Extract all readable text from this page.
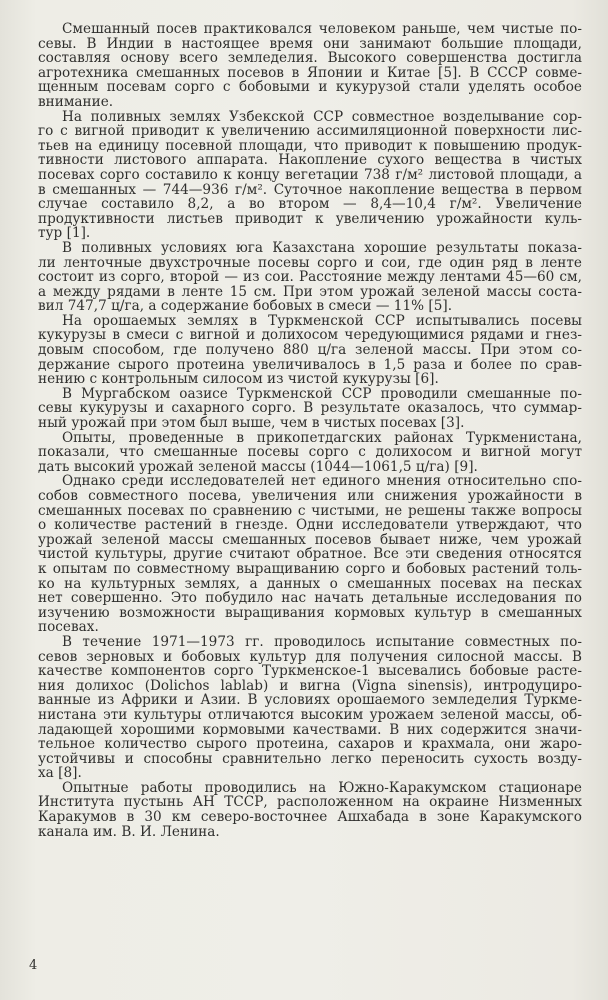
Смешанный посев практиковался человеком раньше, чем чистые по-
севы. В Индии в настоящее время они занимают большие площади,
составляя основу всего земледелия. Высокого совершенства достигла
агротехника смешанных посевов в Японии и Китае [5]. В СССР совме-
щенным посевам сорго с бобовыми и кукурузой стали уделять особое
внимание.
На поливных землях Узбекской ССР совместное возделывание сор-
го с вигной приводит к увеличению ассимиляционной поверхности лис-
тьев на единицу посевной площади, что приводит к повышению продук-
тивности листового аппарата. Накопление сухого вещества в чистых
посевах сорго составило к концу вегетации 738 г/м² листовой площади, а
в смешанных — 744—936 г/м². Суточное накопление вещества в первом
случае составило 8,2, а во втором — 8,4—10,4 г/м². Увеличение
продуктивности листьев приводит к увеличению урожайности куль-
тур [1].
В поливных условиях юга Казахстана хорошие результаты показа-
ли ленточные двухстрочные посевы сорго и сои, где один ряд в ленте
состоит из сорго, второй — из сои. Расстояние между лентами 45—60 см,
а между рядами в ленте 15 см. При этом урожай зеленой массы соста-
вил 747,7 ц/га, а содержание бобовых в смеси — 11% [5].
На орошаемых землях в Туркменской ССР испытывались посевы
кукурузы в смеси с вигной и долихосом чередующимися рядами и гнез-
довым способом, где получено 880 ц/га зеленой массы. При этом со-
держание сырого протеина увеличивалось в 1,5 раза и более по срав-
нению с контрольным силосом из чистой кукурузы [6].
В Мургабском оазисе Туркменской ССР проводили смешанные по-
севы кукурузы и сахарного сорго. В результате оказалось, что суммар-
ный урожай при этом был выше, чем в чистых посевах [3].
Опыты, проведенные в прикопетдагских районах Туркменистана,
показали, что смешанные посевы сорго с долихосом и вигной могут
дать высокий урожай зеленой массы (1044—1061,5 ц/га) [9].
Однако среди исследователей нет единого мнения относительно спо-
собов совместного посева, увеличения или снижения урожайности в
смешанных посевах по сравнению с чистыми, не решены также вопросы
о количестве растений в гнезде. Одни исследователи утверждают, что
урожай зеленой массы смешанных посевов бывает ниже, чем урожай
чистой культуры, другие считают обратное. Все эти сведения относятся
к опытам по совместному выращиванию сорго и бобовых растений толь-
ко на культурных землях, а данных о смешанных посевах на песках
нет совершенно. Это побудило нас начать детальные исследования по
изучению возможности выращивания кормовых культур в смешанных
посевах.
В течение 1971—1973 гг. проводилось испытание совместных по-
севов зерновых и бобовых культур для получения силосной массы. В
качестве компонентов сорго Туркменское-1 высевались бобовые расте-
ния долихос (Dolichos lablab) и вигна (Vigna sinensis), интродуциро-
ванные из Африки и Азии. В условиях орошаемого земледелия Туркме-
нистана эти культуры отличаются высоким урожаем зеленой массы, об-
ладающей хорошими кормовыми качествами. В них содержится значи-
тельное количество сырого протеина, сахаров и крахмала, они жаро-
устойчивы и способны сравнительно легко переносить сухость возду-
ха [8].
Опытные работы проводились на Южно-Каракумском стационаре
Института пустынь АН ТССР, расположенном на окраине Низменных
Каракумов в 30 км северо-восточнее Ашхабада в зоне Каракумского
канала им. В. И. Ленина.
4
